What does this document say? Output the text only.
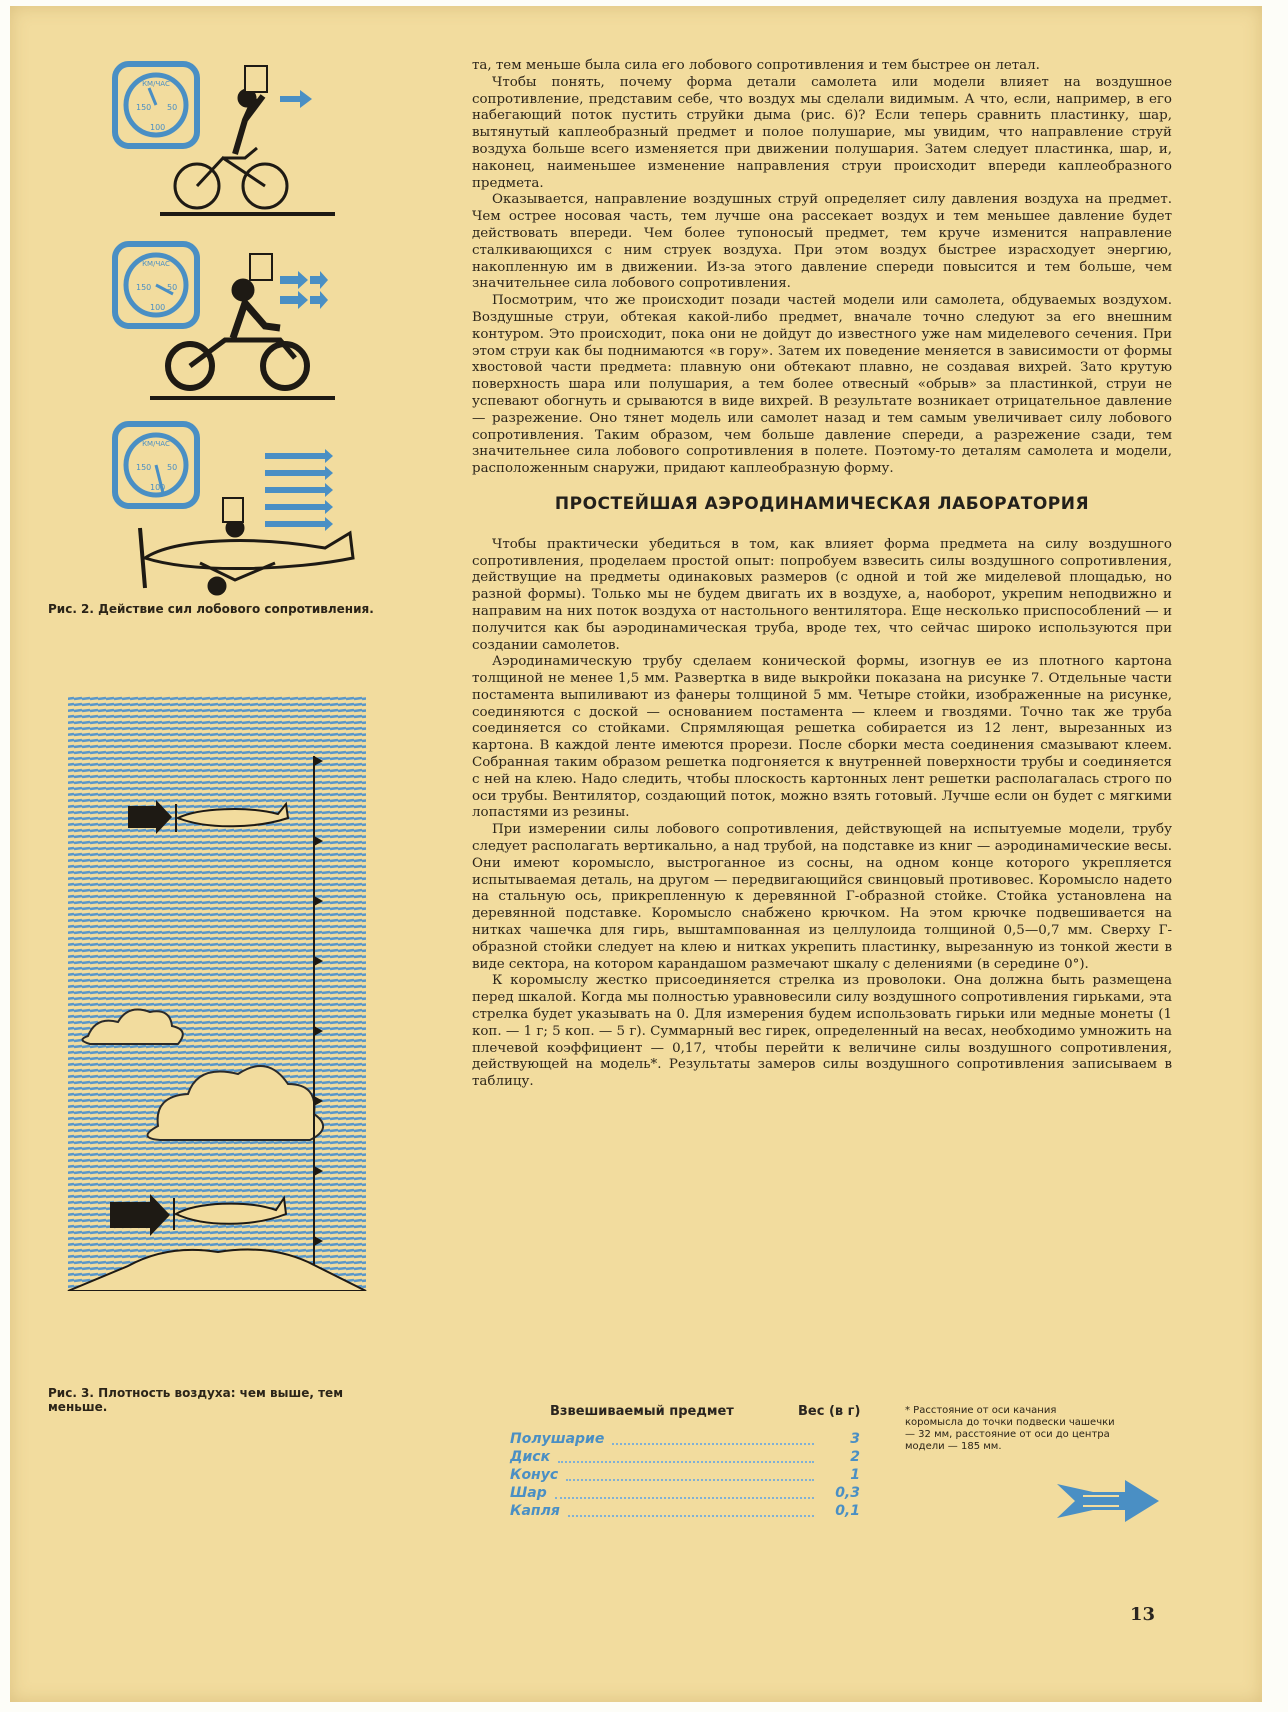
КМ/ЧАС
150 50
100
КМ/ЧАС
150 50
100
КМ/ЧАС
150 50
100
Рис. 2. Действие сил лобового сопротивления.
Рис. 3. Плотность воздуха: чем выше, тем меньше.

та, тем меньше была сила его лобового сопротивления и тем быстрее он летал.

Чтобы понять, почему форма детали самолета или модели влияет на воздушное сопротивление, представим себе, что воздух мы сделали видимым. А что, если, например, в его набегающий поток пустить струйки дыма (рис. 6)? Если теперь сравнить пластинку, шар, вытянутый каплеобразный предмет и полое полушарие, мы увидим, что направление струй воздуха больше всего изменяется при движении полушария. Затем следует пластинка, шар, и, наконец, наименьшее изменение направления струи происходит впереди каплеобразного предмета.

Оказывается, направление воздушных струй определяет силу давления воздуха на предмет. Чем острее носовая часть, тем лучше она рассекает воздух и тем меньшее давление будет действовать впереди. Чем более тупоносый предмет, тем круче изменится направление сталкивающихся с ним струек воздуха. При этом воздух быстрее израсходует энергию, накопленную им в движении. Из-за этого давление спереди повысится и тем больше, чем значительнее сила лобового сопротивления.

Посмотрим, что же происходит позади частей модели или самолета, обдуваемых воздухом. Воздушные струи, обтекая какой-либо предмет, вначале точно следуют за его внешним контуром. Это происходит, пока они не дойдут до известного уже нам миделевого сечения. При этом струи как бы поднимаются «в гору». Затем их поведение меняется в зависимости от формы хвостовой части предмета: плавную они обтекают плавно, не создавая вихрей. Зато крутую поверхность шара или полушария, а тем более отвесный «обрыв» за пластинкой, струи не успевают обогнуть и срываются в виде вихрей. В результате возникает отрицательное давление — разрежение. Оно тянет модель или самолет назад и тем самым увеличивает силу лобового сопротивления. Таким образом, чем больше давление спереди, а разрежение сзади, тем значительнее сила лобового сопротивления в полете. Поэтому-то деталям самолета и модели, расположенным снаружи, придают каплеобразную форму.

ПРОСТЕЙШАЯ АЭРОДИНАМИЧЕСКАЯ ЛАБОРАТОРИЯ

Чтобы практически убедиться в том, как влияет форма предмета на силу воздушного сопротивления, проделаем простой опыт: попробуем взвесить силы воздушного сопротивления, действущие на предметы одинаковых размеров (с одной и той же миделевой площадью, но разной формы). Только мы не будем двигать их в воздухе, а, наоборот, укрепим неподвижно и направим на них поток воздуха от настольного вентилятора. Еще несколько приспособлений — и получится как бы аэродинамическая труба, вроде тех, что сейчас широко используются при создании самолетов.

Аэродинамическую трубу сделаем конической формы, изогнув ее из плотного картона толщиной не менее 1,5 мм. Развертка в виде выкройки показана на рисунке 7. Отдельные части постамента выпиливают из фанеры толщиной 5 мм. Четыре стойки, изображенные на рисунке, соединяются с доской — основанием постамента — клеем и гвоздями. Точно так же труба соединяется со стойками. Спрямляющая решетка собирается из 12 лент, вырезанных из картона. В каждой ленте имеются прорези. После сборки места соединения смазывают клеем. Собранная таким образом решетка подгоняется к внутренней поверхности трубы и соединяется с ней на клею. Надо следить, чтобы плоскость картонных лент решетки располагалась строго по оси трубы. Вентилятор, создающий поток, можно взять готовый. Лучше если он будет с мягкими лопастями из резины.

При измерении силы лобового сопротивления, действующей на испытуемые модели, трубу следует располагать вертикально, а над трубой, на подставке из книг — аэродинамические весы. Они имеют коромысло, выстроганное из сосны, на одном конце которого укрепляется испытываемая деталь, на другом — передвигающийся свинцовый противовес. Коромысло надето на стальную ось, прикрепленную к деревянной Г-образной стойке. Стойка установлена на деревянной подставке. Коромысло снабжено крючком. На этом крючке подвешивается на нитках чашечка для гирь, выштампованная из целлулоида толщиной 0,5—0,7 мм. Сверху Г-образной стойки следует на клею и нитках укрепить пластинку, вырезанную из тонкой жести в виде сектора, на котором карандашом размечают шкалу с делениями (в середине 0°).

К коромыслу жестко присоединяется стрелка из проволоки. Она должна быть размещена перед шкалой. Когда мы полностью уравновесили силу воздушного сопротивления гирьками, эта стрелка будет указывать на 0. Для измерения будем использовать гирьки или медные монеты (1 коп. — 1 г; 5 коп. — 5 г). Суммарный вес гирек, определенный на весах, необходимо умножить на плечевой коэффициент — 0,17, чтобы перейти к величине силы воздушного сопротивления, действующей на модель*. Результаты замеров силы воздушного сопротивления записываем в таблицу.

Взвешиваемый предмет	Вес (в г)
Полушарие	3
Диск	2
Конус	1
Шар	0,3
Капля	0,1
* Расстояние от оси качания коромысла до точки подвески чашечки — 32 мм, расстояние от оси до центра модели — 185 мм.
13
